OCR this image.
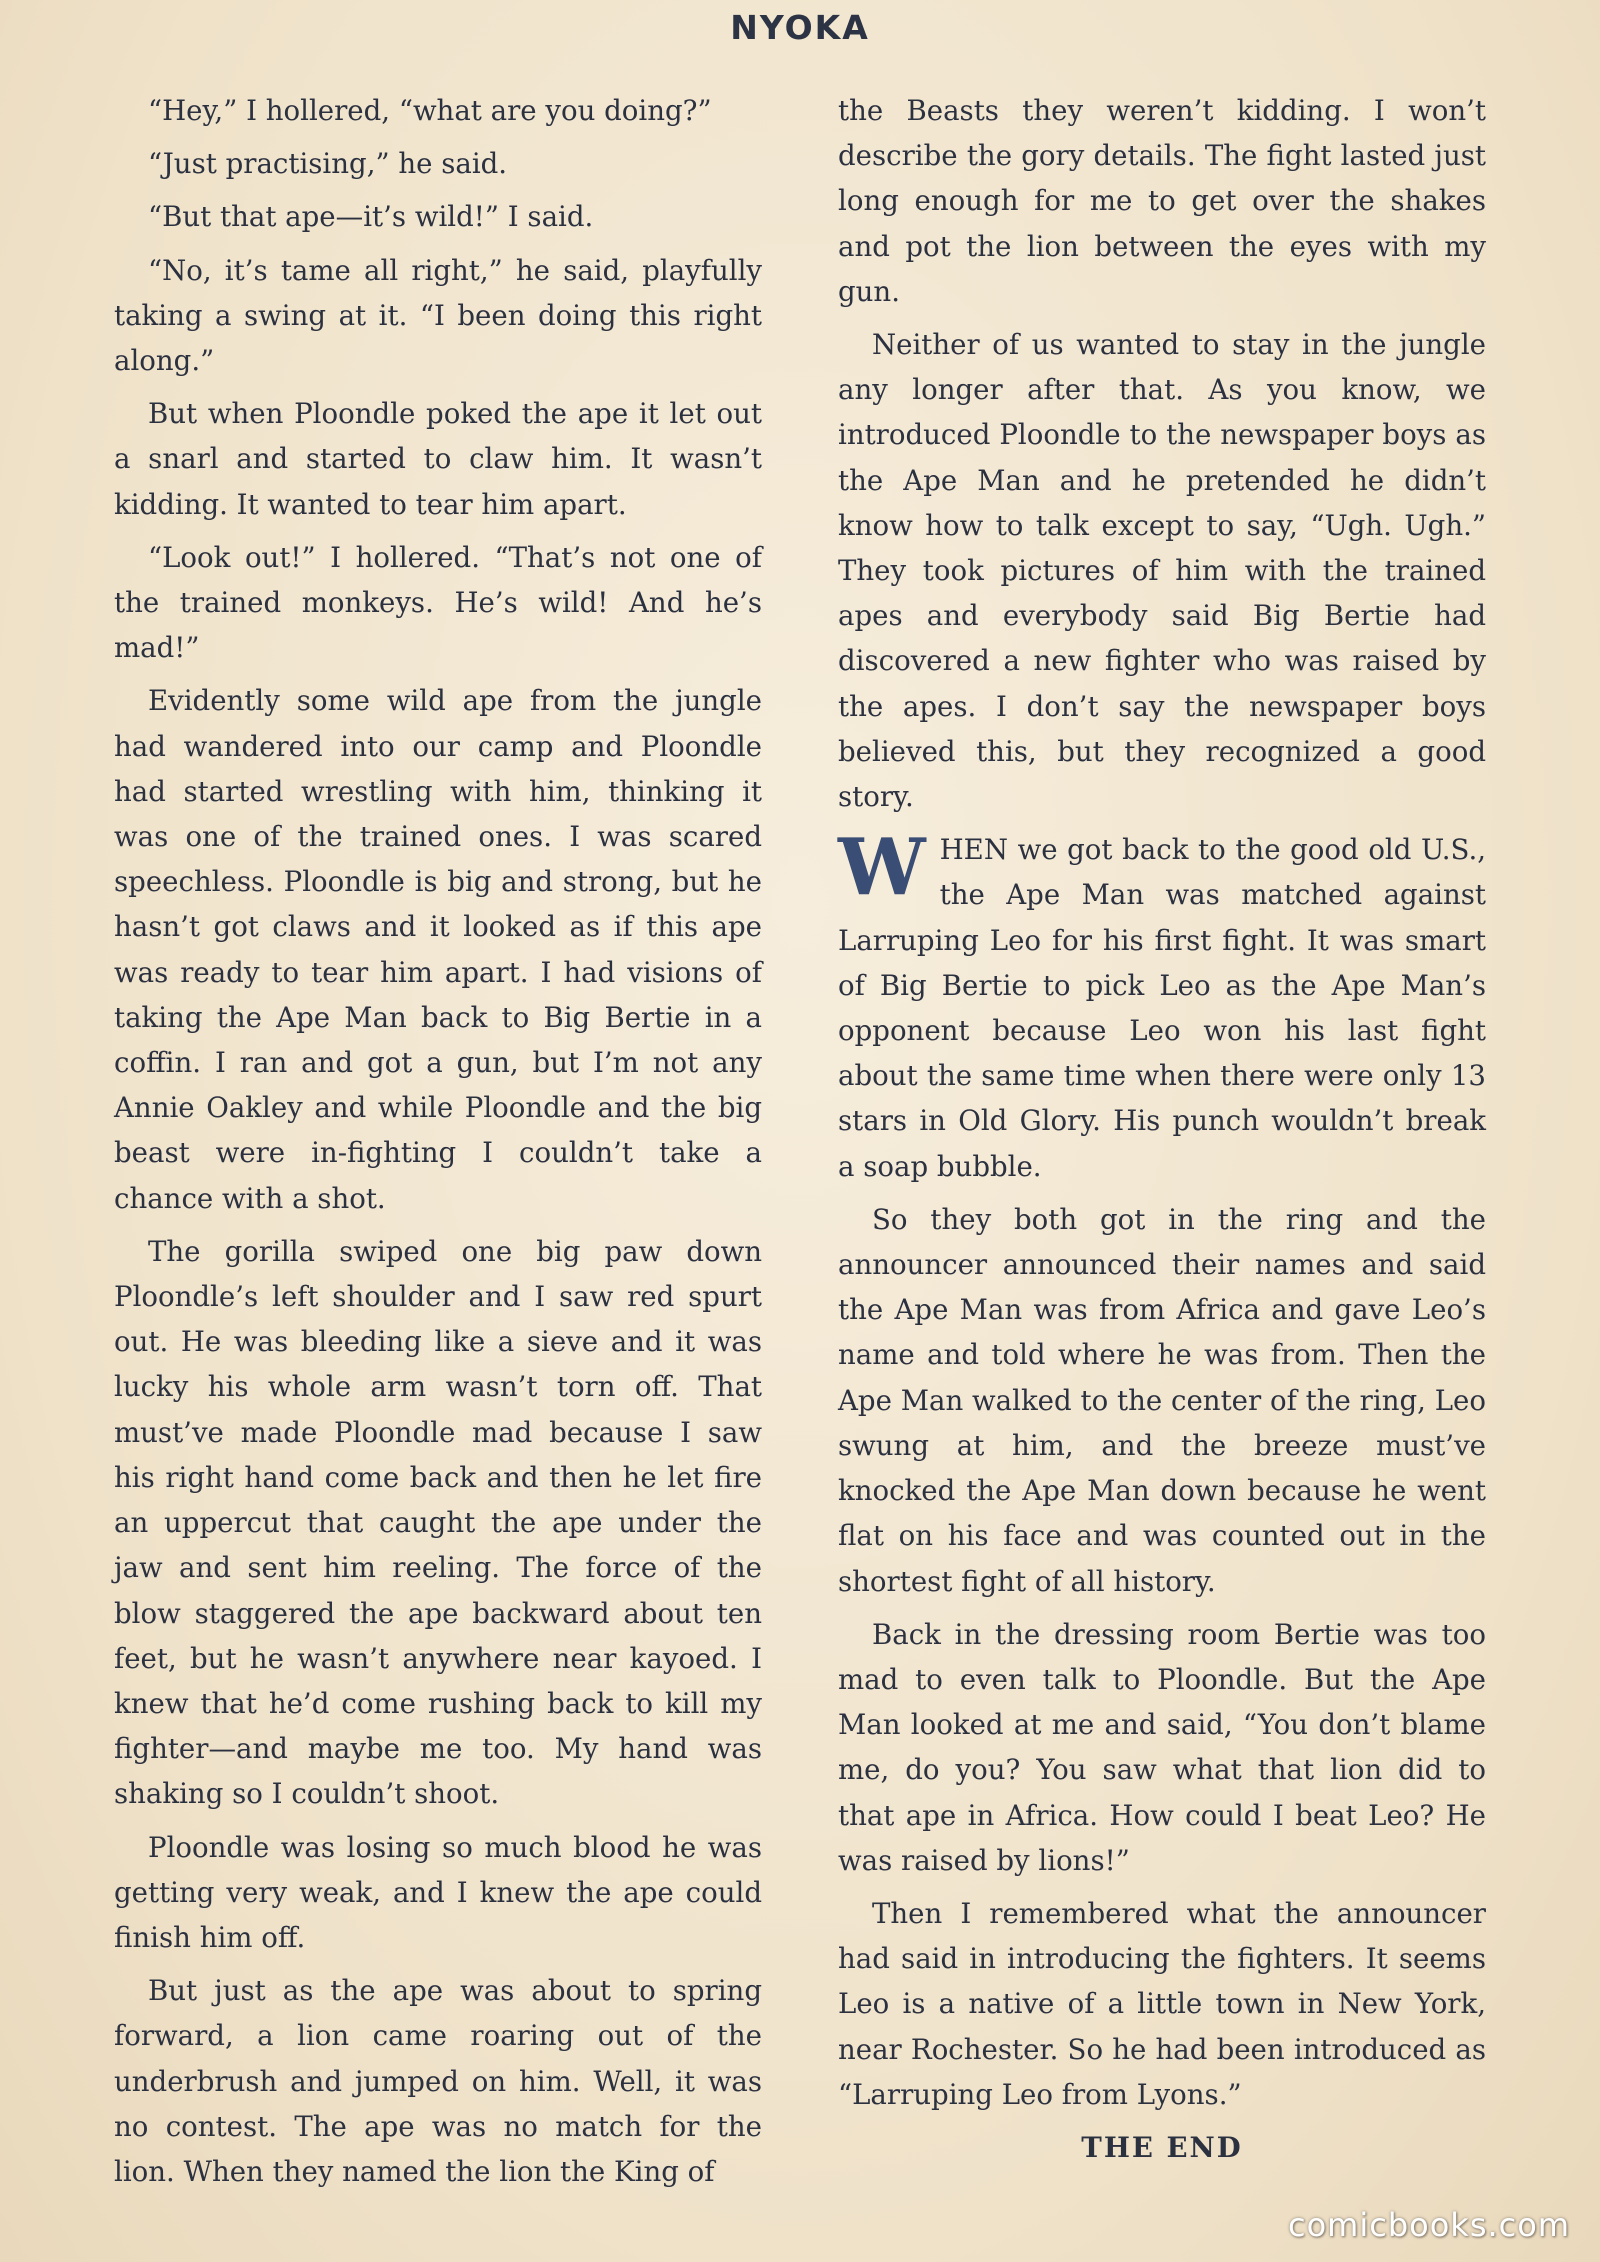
NYOKA

“Hey,” I hollered, “what are you doing?”

“Just practising,” he said.

“But that ape—it’s wild!” I said.

“No, it’s tame all right,” he said, playfully taking a swing at it. “I been doing this right along.”

But when Ploondle poked the ape it let out a snarl and started to claw him. It wasn’t kidding. It wanted to tear him apart.

“Look out!” I hollered. “That’s not one of the trained monkeys. He’s wild! And he’s mad!”

Evidently some wild ape from the jungle had wandered into our camp and Ploondle had started wrestling with him, thinking it was one of the trained ones. I was scared speechless. Ploondle is big and strong, but he hasn’t got claws and it looked as if this ape was ready to tear him apart. I had visions of taking the Ape Man back to Big Bertie in a coffin. I ran and got a gun, but I’m not any Annie Oakley and while Ploondle and the big beast were in-fighting I couldn’t take a chance with a shot.

The gorilla swiped one big paw down Ploondle’s left shoulder and I saw red spurt out. He was bleeding like a sieve and it was lucky his whole arm wasn’t torn off. That must’ve made Ploondle mad because I saw his right hand come back and then he let fire an uppercut that caught the ape under the jaw and sent him reeling. The force of the blow staggered the ape backward about ten feet, but he wasn’t anywhere near kayoed. I knew that he’d come rushing back to kill my fighter—and maybe me too. My hand was shaking so I couldn’t shoot.

Ploondle was losing so much blood he was getting very weak, and I knew the ape could finish him off.

But just as the ape was about to spring forward, a lion came roaring out of the underbrush and jumped on him. Well, it was no contest. The ape was no match for the lion. When they named the lion the King of

the Beasts they weren’t kidding. I won’t describe the gory details. The fight lasted just long enough for me to get over the shakes and pot the lion between the eyes with my gun.

Neither of us wanted to stay in the jungle any longer after that. As you know, we introduced Ploondle to the newspaper boys as the Ape Man and he pretended he didn’t know how to talk except to say, “Ugh. Ugh.” They took pictures of him with the trained apes and everybody said Big Bertie had discovered a new fighter who was raised by the apes. I don’t say the newspaper boys believed this, but they recognized a good story.

WHEN we got back to the good old U.S., the Ape Man was matched against Larruping Leo for his first fight. It was smart of Big Bertie to pick Leo as the Ape Man’s opponent because Leo won his last fight about the same time when there were only 13 stars in Old Glory. His punch wouldn’t break a soap bubble.

So they both got in the ring and the announcer announced their names and said the Ape Man was from Africa and gave Leo’s name and told where he was from. Then the Ape Man walked to the center of the ring, Leo swung at him, and the breeze must’ve knocked the Ape Man down because he went flat on his face and was counted out in the shortest fight of all history.

Back in the dressing room Bertie was too mad to even talk to Ploondle. But the Ape Man looked at me and said, “You don’t blame me, do you? You saw what that lion did to that ape in Africa. How could I beat Leo? He was raised by lions!”

Then I remembered what the announcer had said in introducing the fighters. It seems Leo is a native of a little town in New York, near Rochester. So he had been introduced as “Larruping Leo from Lyons.”

THE END

comicbooks.com
